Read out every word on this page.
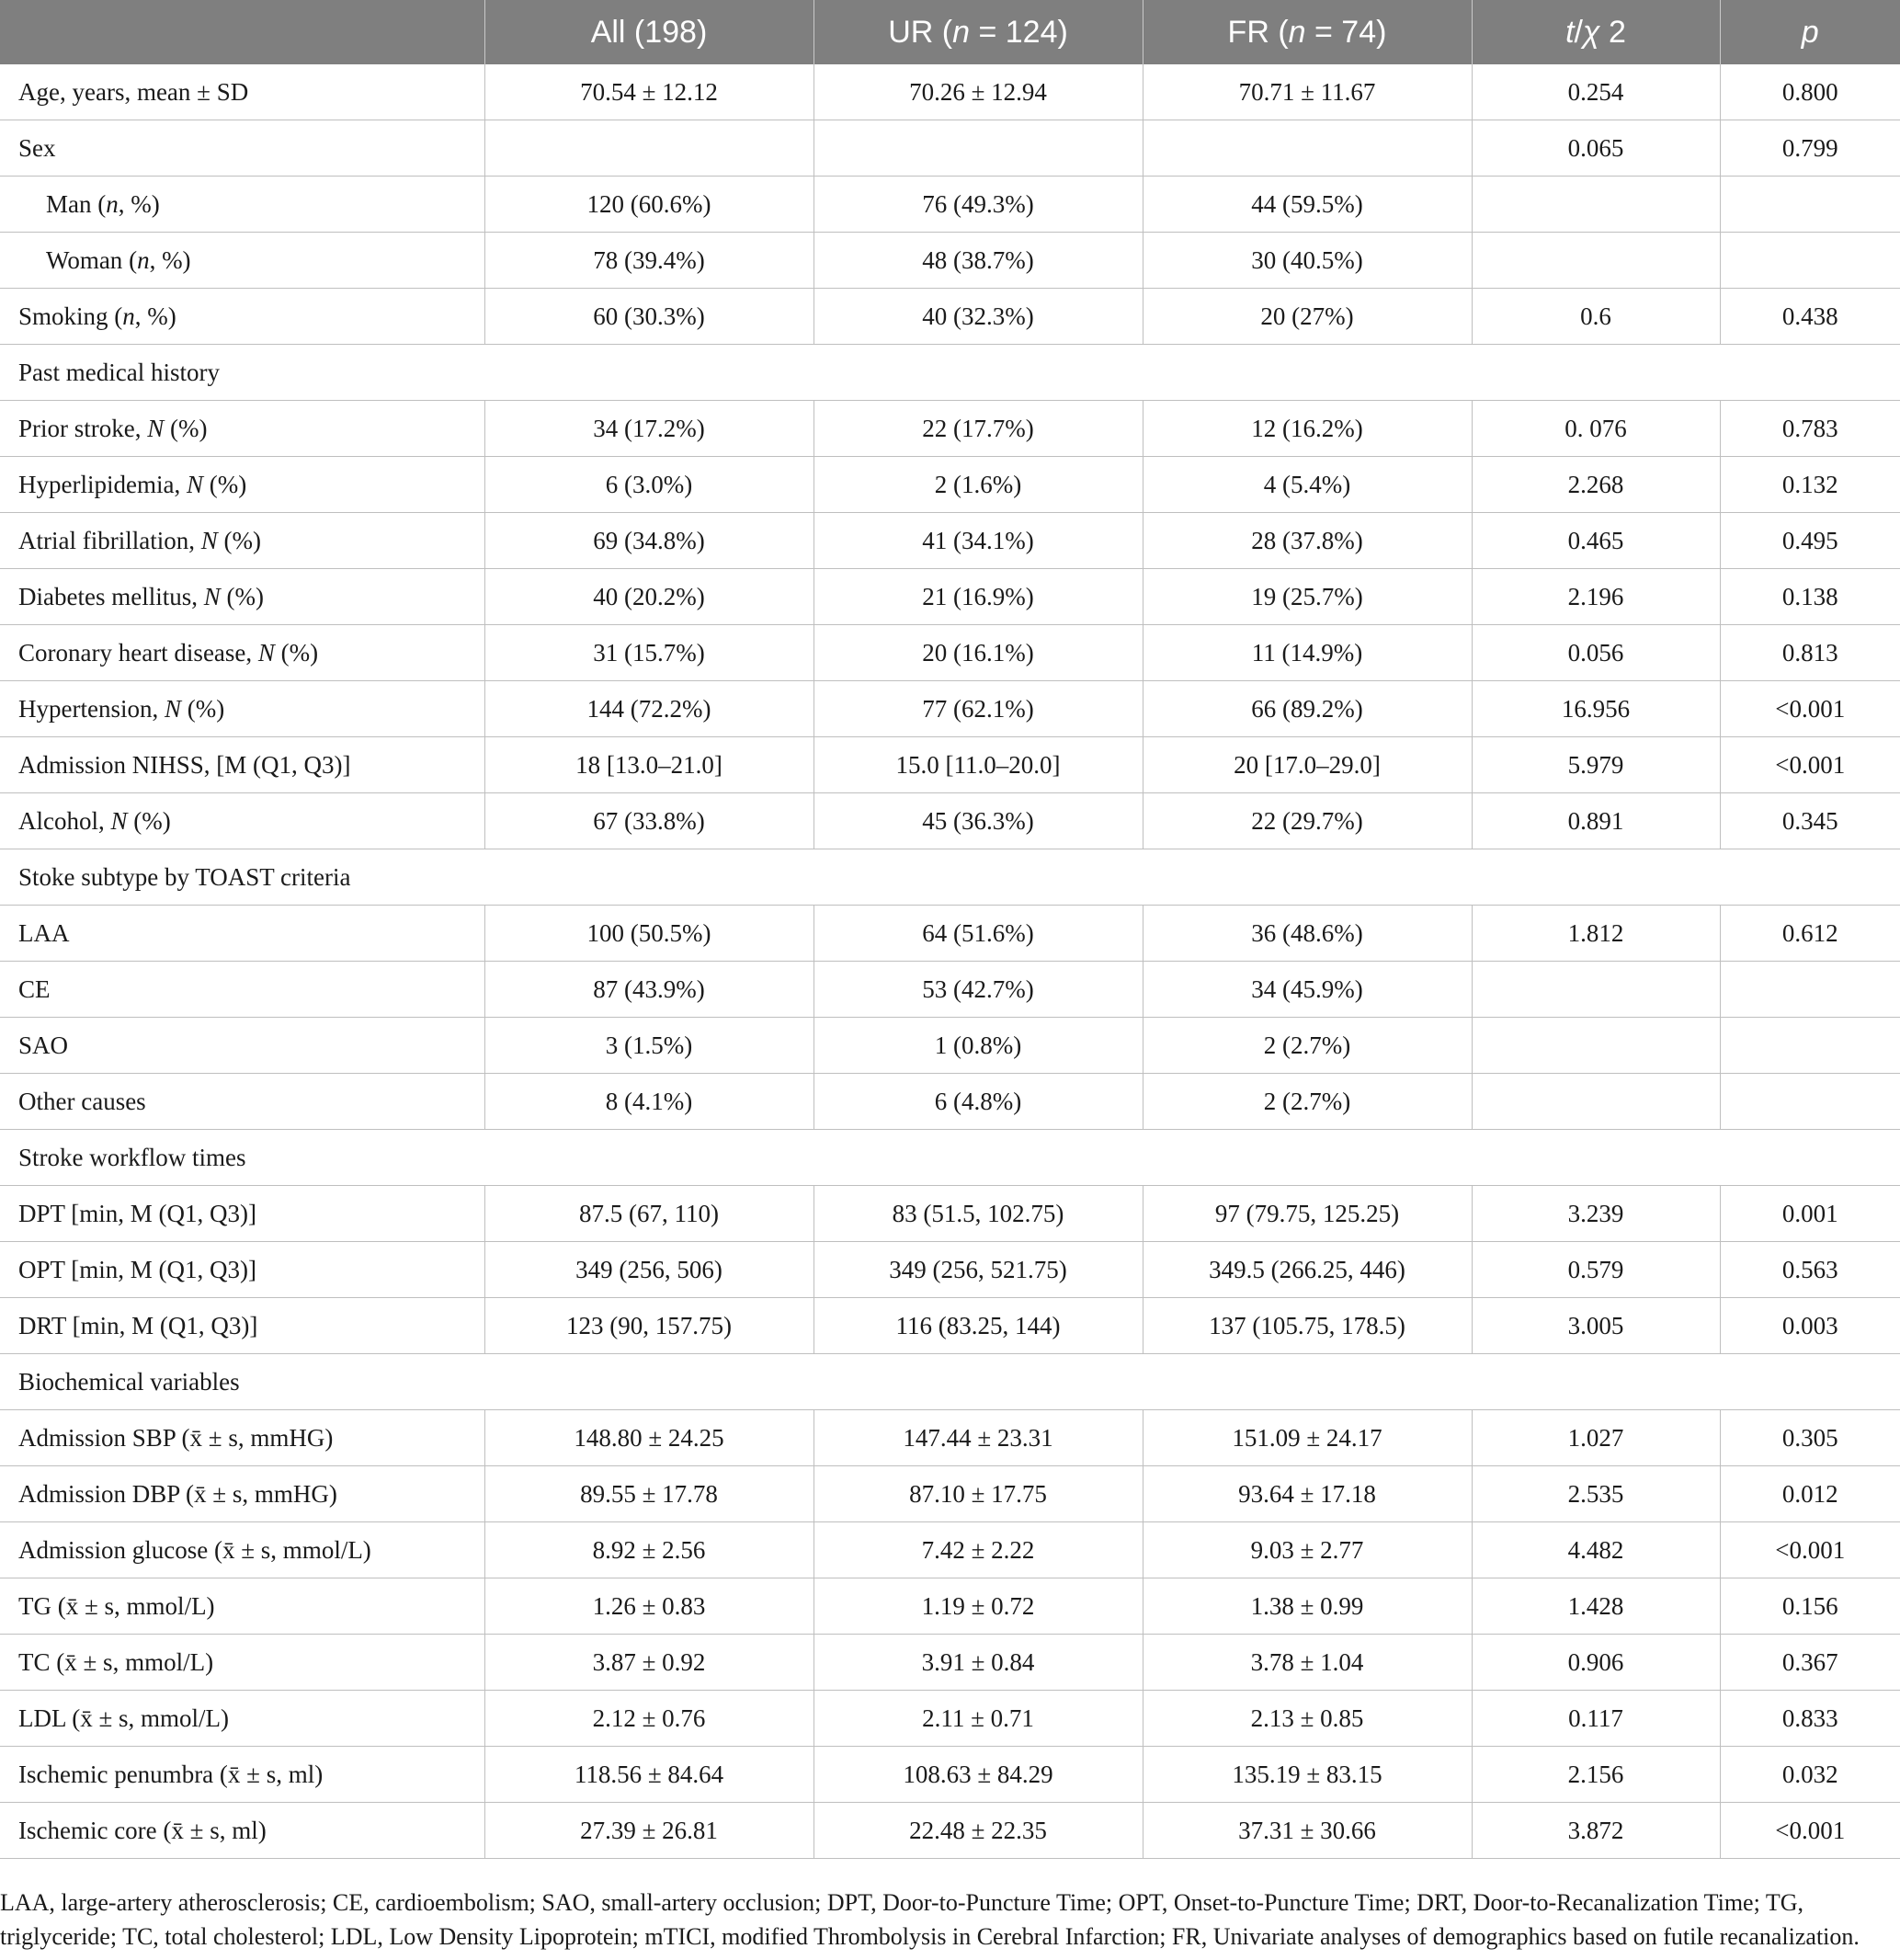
	All (198)	UR (n = 124)	FR (n = 74)	t/χ 2	p
Age, years, mean ± SD	70.54 ± 12.12	70.26 ± 12.94	70.71 ± 11.67	0.254	0.800
Sex				0.065	0.799
Man (n, %)	120 (60.6%)	76 (49.3%)	44 (59.5%)		
Woman (n, %)	78 (39.4%)	48 (38.7%)	30 (40.5%)		
Smoking (n, %)	60 (30.3%)	40 (32.3%)	20 (27%)	0.6	0.438
Past medical history					
Prior stroke, N (%)	34 (17.2%)	22 (17.7%)	12 (16.2%)	0. 076	0.783
Hyperlipidemia, N (%)	6 (3.0%)	2 (1.6%)	4 (5.4%)	2.268	0.132
Atrial fibrillation, N (%)	69 (34.8%)	41 (34.1%)	28 (37.8%)	0.465	0.495
Diabetes mellitus, N (%)	40 (20.2%)	21 (16.9%)	19 (25.7%)	2.196	0.138
Coronary heart disease, N (%)	31 (15.7%)	20 (16.1%)	11 (14.9%)	0.056	0.813
Hypertension, N (%)	144 (72.2%)	77 (62.1%)	66 (89.2%)	16.956	<0.001
Admission NIHSS, [M (Q1, Q3)]	18 [13.0–21.0]	15.0 [11.0–20.0]	20 [17.0–29.0]	5.979	<0.001
Alcohol, N (%)	67 (33.8%)	45 (36.3%)	22 (29.7%)	0.891	0.345
Stoke subtype by TOAST criteria					
LAA	100 (50.5%)	64 (51.6%)	36 (48.6%)	1.812	0.612
CE	87 (43.9%)	53 (42.7%)	34 (45.9%)		
SAO	3 (1.5%)	1 (0.8%)	2 (2.7%)		
Other causes	8 (4.1%)	6 (4.8%)	2 (2.7%)		
Stroke workflow times					
DPT [min, M (Q1, Q3)]	87.5 (67, 110)	83 (51.5, 102.75)	97 (79.75, 125.25)	3.239	0.001
OPT [min, M (Q1, Q3)]	349 (256, 506)	349 (256, 521.75)	349.5 (266.25, 446)	0.579	0.563
DRT [min, M (Q1, Q3)]	123 (90, 157.75)	116 (83.25, 144)	137 (105.75, 178.5)	3.005	0.003
Biochemical variables					
Admission SBP (x̄ ± s, mmHG)	148.80 ± 24.25	147.44 ± 23.31	151.09 ± 24.17	1.027	0.305
Admission DBP (x̄ ± s, mmHG)	89.55 ± 17.78	87.10 ± 17.75	93.64 ± 17.18	2.535	0.012
Admission glucose (x̄ ± s, mmol/L)	8.92 ± 2.56	7.42 ± 2.22	9.03 ± 2.77	4.482	<0.001
TG (x̄ ± s, mmol/L)	1.26 ± 0.83	1.19 ± 0.72	1.38 ± 0.99	1.428	0.156
TC (x̄ ± s, mmol/L)	3.87 ± 0.92	3.91 ± 0.84	3.78 ± 1.04	0.906	0.367
LDL (x̄ ± s, mmol/L)	2.12 ± 0.76	2.11 ± 0.71	2.13 ± 0.85	0.117	0.833
Ischemic penumbra (x̄ ± s, ml)	118.56 ± 84.64	108.63 ± 84.29	135.19 ± 83.15	2.156	0.032
Ischemic core (x̄ ± s, ml)	27.39 ± 26.81	22.48 ± 22.35	37.31 ± 30.66	3.872	<0.001
LAA, large-artery atherosclerosis; CE, cardioembolism; SAO, small-artery occlusion; DPT, Door-to-Puncture Time; OPT, Onset-to-Puncture Time; DRT, Door-to-Recanalization Time; TG, triglyceride; TC, total cholesterol; LDL, Low Density Lipoprotein; mTICI, modified Thrombolysis in Cerebral Infarction; FR, Univariate analyses of demographics based on futile recanalization.
